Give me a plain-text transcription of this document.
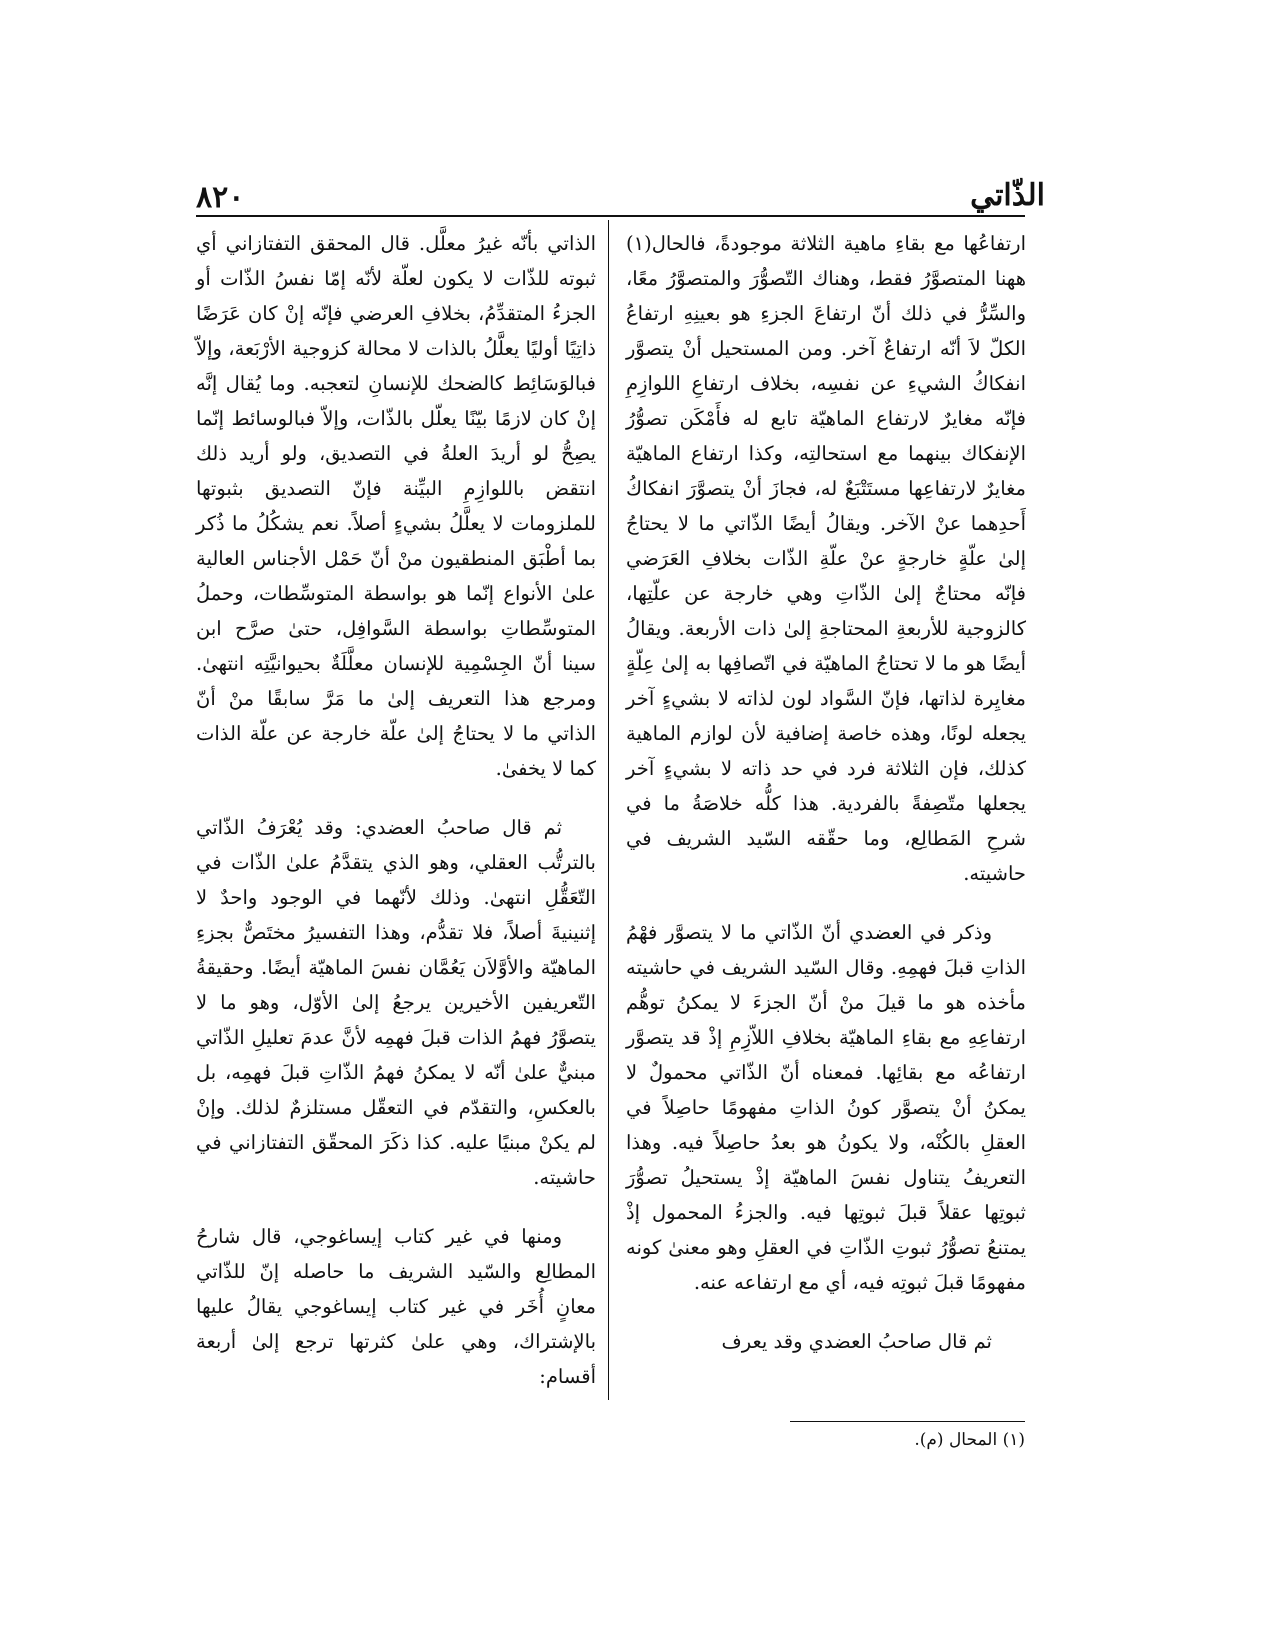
الذّاتي
٨٢٠

ارتفاعُها مع بقاءِ ماهية الثلاثة موجودةً، فالحال(١) ههنا المتصوَّرُ فقط، وهناك التّصوُّرَ والمتصوَّرُ معًا، والسِّرُّ في ذلك أنّ ارتفاعَ الجزءِ هو بعينِهِ ارتفاعُ الكلّ لاَ أنّه ارتفاعٌ آخر. ومن المستحيل أنْ يتصوَّر انفكاكُ الشيءِ عن نفسِه، بخلاف ارتفاعِ اللوازِمِ فإنّه مغايرٌ لارتفاع الماهيّة تابع له فأَمْكَن تصوُّرُ الإنفكاك بينهما مع استحالتِه، وكذا ارتفاع الماهيّة مغايرٌ لارتفاعِها مستَتْبَعٌ له، فجازَ أنْ يتصوَّرَ انفكاكُ أَحدِهما عنْ الآخر. ويقالُ أيضًا الذّاتي ما لا يحتاجُ إلىٰ علّةٍ خارجةٍ عنْ علّةِ الذّات بخلافِ العَرَضي فإنّه محتاجٌ إلىٰ الذّاتِ وهي خارجة عن علّتِها، كالزوجية للأربعةِ المحتاجةِ إلىٰ ذات الأربعة. ويقالُ أيضًا هو ما لا تحتاجُ الماهيّة في اتّصافِها به إلىٰ عِلّةٍ مغايِرة لذاتها، فإنّ السَّواد لون لذاته لا بشيءٍ آخر يجعله لونًا، وهذه خاصة إضافية لأن لوازم الماهية كذلك، فإن الثلاثة فرد في حد ذاته لا بشيءٍ آخر يجعلها متّصِفةً بالفردية. هذا كلُّه خلاصَةُ ما في شرحِ المَطالِع، وما حقّقه السّيد الشريف في حاشيته.

وذكر في العضدي أنّ الذّاتي ما لا يتصوَّر فهْمُ الذاتِ قبلَ فهمِهِ. وقال السّيد الشريف في حاشيته مأخذه هو ما قيلَ منْ أنّ الجزءَ لا يمكنُ توهُّم ارتفاعِهِ مع بقاءِ الماهيّة بخلافِ اللاّزِمِ إذْ قد يتصوَّر ارتفاعُه مع بقائِها. فمعناه أنّ الذّاتي محمولٌ لا يمكنُ أنْ يتصوَّر كونُ الذاتِ مفهومًا حاصِلاً في العقلِ بالكُنْه، ولا يكونُ هو بعدُ حاصِلاً فيه. وهذا التعريفُ يتناول نفسَ الماهيّة إذْ يستحيلُ تصوُّرَ ثبوتِها عقلاً قبلَ ثبوتِها فيه. والجزءُ المحمول إذْ يمتنعُ تصوُّرُ ثبوتِ الذّاتِ في العقلِ وهو معنىٰ كونه مفهومًا قبلَ ثبوتِه فيه، أي مع ارتفاعه عنه.

ثم قال صاحبُ العضدي وقد يعرف

الذاتي بأنّه غيرُ معلَّل. قال المحقق التفتازاني أي ثبوته للذّات لا يكون لعلّة لأنّه إمّا نفسُ الذّات أو الجزءُ المتقدِّمُ، بخلافِ العرضي فإنّه إنْ كان عَرَضًا ذاتِيًا أوليًا يعلَّلُ بالذات لا محالة كزوجية الأرْبَعة، وإلاّ فبالوَسَائِط كالضحك للإنسانِ لتعجبه. وما يُقال إنَّه إنْ كان لازمًا بيّنًا يعلّل بالذّات، وإلاّ فبالوسائط إنّما يصِحُّ لو أريدَ العلةُ في التصديق، ولو أريد ذلك انتقض باللوازِمِ البيِّنة فإنّ التصديق بثبوتها للملزومات لا يعلَّلُ بشيءٍ أصلاً. نعم يشكُلُ ما ذُكر بما أطْبَق المنطقيون منْ أنّ حَمْل الأجناس العالية علىٰ الأنواع إنّما هو بواسطة المتوسِّطات، وحملُ المتوسِّطاتِ بواسطة السَّوافِل، حتىٰ صرَّح ابن سينا أنّ الجِسْمِية للإنسان معلَّلَةٌ بحيوانيَّتِه انتهىٰ. ومرجع هذا التعريف إلىٰ ما مَرَّ سابقًا منْ أنّ الذاتي ما لا يحتاجُ إلىٰ علّة خارجة عن علّة الذات كما لا يخفىٰ.

ثم قال صاحبُ العضدي: وقد يُعْرَفُ الذّاتي بالترتُّب العقلي، وهو الذي يتقدَّمُ علىٰ الذّات في التّعَقُّلِ انتهىٰ. وذلك لأنّهما في الوجود واحدٌ لا إثنينيةَ أصلاً، فلا تقدُّم، وهذا التفسيرُ مختَصٌّ بجزءِ الماهيّة والأوَّلاَن يَعُمَّان نفسَ الماهيّة أيضًا. وحقيقةُ التّعريفين الأخيرين يرجعُ إلىٰ الأوّل، وهو ما لا يتصوَّرُ فهمُ الذات قبلَ فهمِه لأنَّ عدمَ تعليلِ الذّاتي مبنيٌّ علىٰ أنّه لا يمكنُ فهمُ الذّاتِ قبلَ فهمِه، بل بالعكسِ، والتقدّم في التعقّل مستلزمٌ لذلك. وإنْ لم يكنْ مبنيًا عليه. كذا ذكَرَ المحقّق التفتازاني في حاشيته.

ومنها في غير كتاب إيساغوجي، قال شارحُ المطالِع والسّيد الشريف ما حاصله إنّ للذّاتي معانٍ أُخَر في غير كتاب إيساغوجي يقالُ عليها بالإشتراك، وهي علىٰ كثرتها ترجع إلىٰ أربعة أقسام:

(١) المحال (م).
